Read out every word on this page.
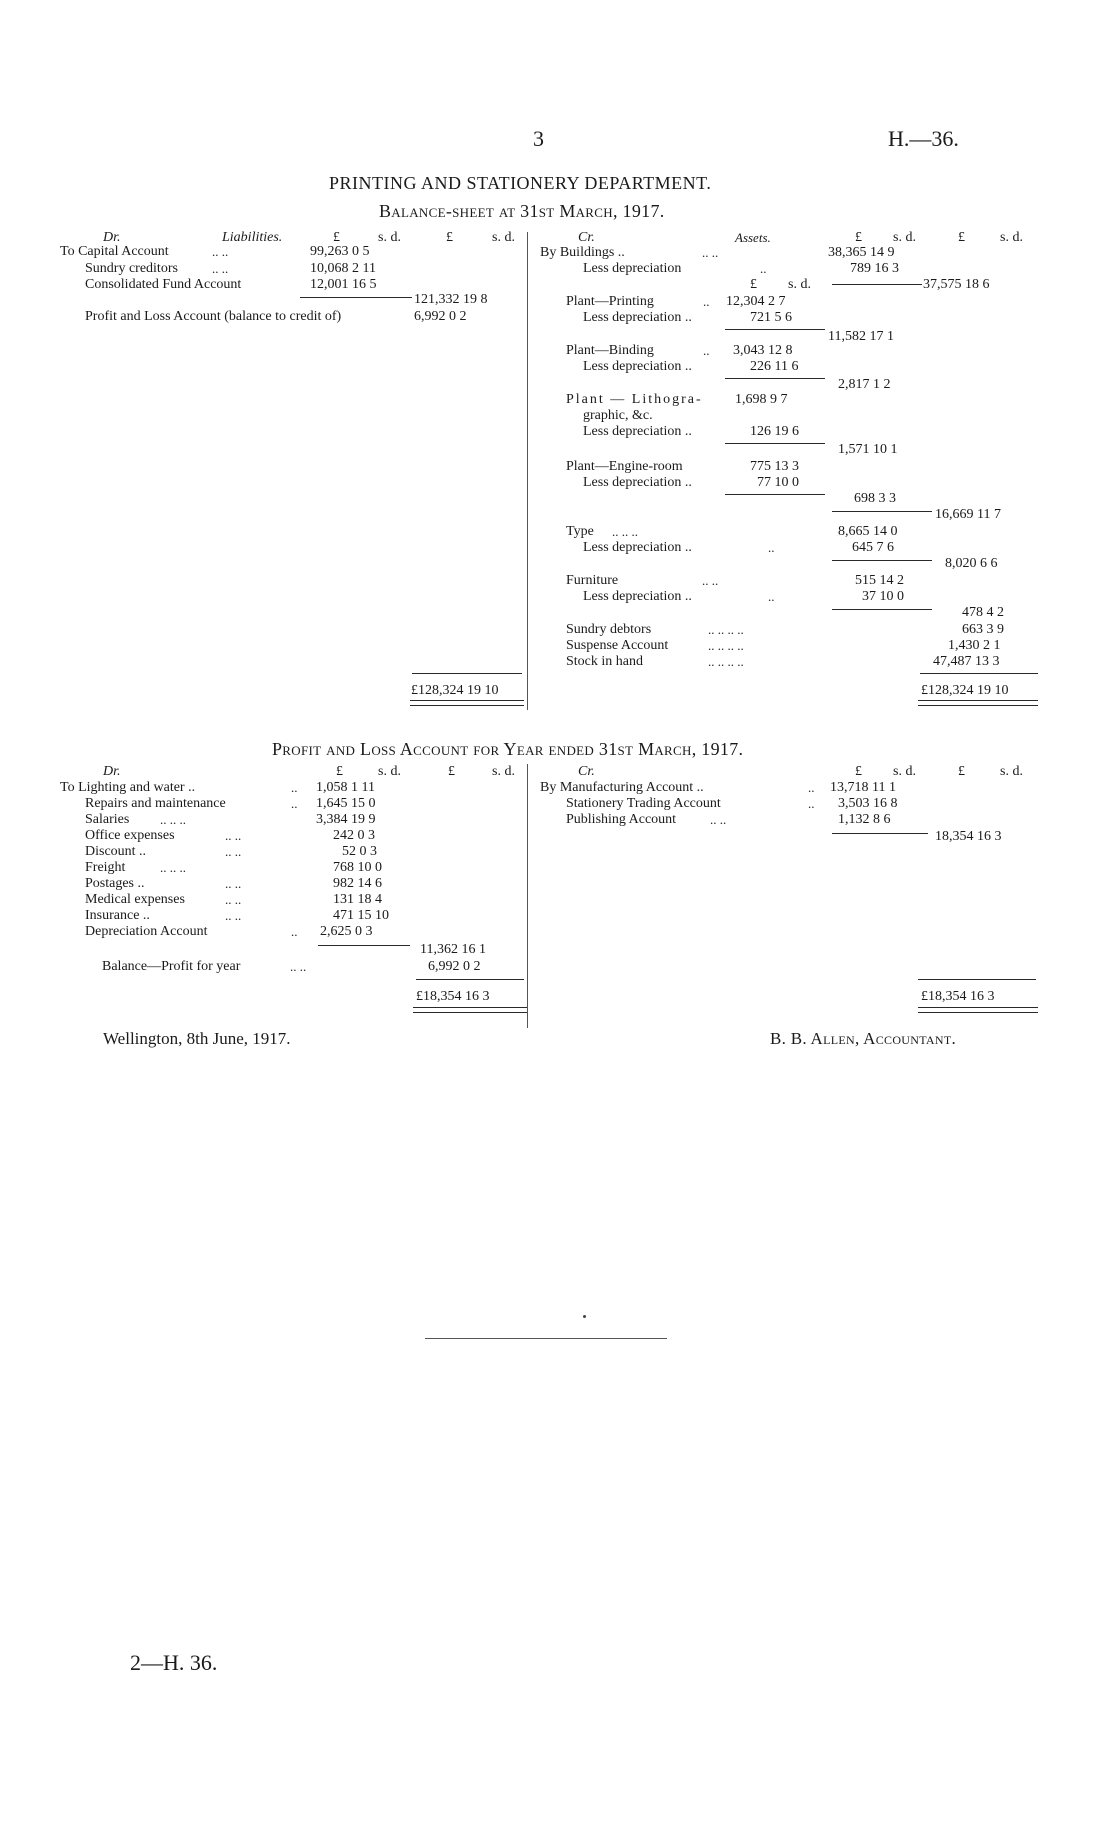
3	H.—36.
PRINTING AND STATIONERY DEPARTMENT.
Balance-sheet at 31st March, 1917.
Dr.	Liabilities.	£	s. d.	£	s. d.
To Capital Account	.. ..	99,263 0 5
Sundry creditors	.. ..	10,068 2 11
Consolidated Fund Account	12,001 16 5
121,332 19 8
Profit and Loss Account (balance to credit of)	6,992 0 2
£128,324 19 10
Cr.	Assets.	£ s. d.	£	s. d.
By Buildings ..	.. ..	38,365 14 9
Less depreciation	..	789 16 3
£ s. d.	37,575 18 6
Plant—Printing	.. 12,304 2 7
Less depreciation ..	721 5 6
11,582 17 1
Plant—Binding	.. 3,043 12 8
Less depreciation ..	226 11 6
2,817 1 2
Plant — Lithogra- 1,698 9 7
graphic, &c.
Less depreciation ..	126 19 6
1,571 10 1
Plant—Engine-room	775 13 3
Less depreciation ..	77 10 0
698 3 3
16,669 11 7
Type .. .. ..	8,665 14 0
Less depreciation ..	..	645 7 6
8,020 6 6
Furniture	.. ..	515 14 2
Less depreciation ..	..	37 10 0
478 4 2
Sundry debtors	.. .. .. ..	663 3 9
Suspense Account	.. .. .. ..	1,430 2 1
Stock in hand	.. .. .. ..	47,487 13 3
£128,324 19 10
Profit and Loss Account for Year ended 31st March, 1917.
Dr.	£	s. d.	£	s. d.
To Lighting and water ..	.. 1,058 1 11
Repairs and maintenance	.. 1,645 15 0
Salaries .. .. ..	3,384 19 9
Office expenses	.. ..	242 0 3
Discount ..	.. ..	52 0 3
Freight	.. .. ..	768 10 0
Postages ..	.. ..	982 14 6
Medical expenses	.. ..	131 18 4
Insurance ..	.. ..	471 15 10
Depreciation Account	.. 2,625 0 3
11,362 16 1
Balance—Profit for year	.. ..	6,992 0 2
£18,354 16 3
Cr.	£ s. d.	£	s. d.
By Manufacturing Account ..	.. 13,718 11 1
Stationery Trading Account	.. 3,503 16 8
Publishing Account	.. ..	1,132 8 6
18,354 16 3
£18,354 16 3
Wellington, 8th June, 1917.	B. B. Allen, Accountant.
2—H. 36.
